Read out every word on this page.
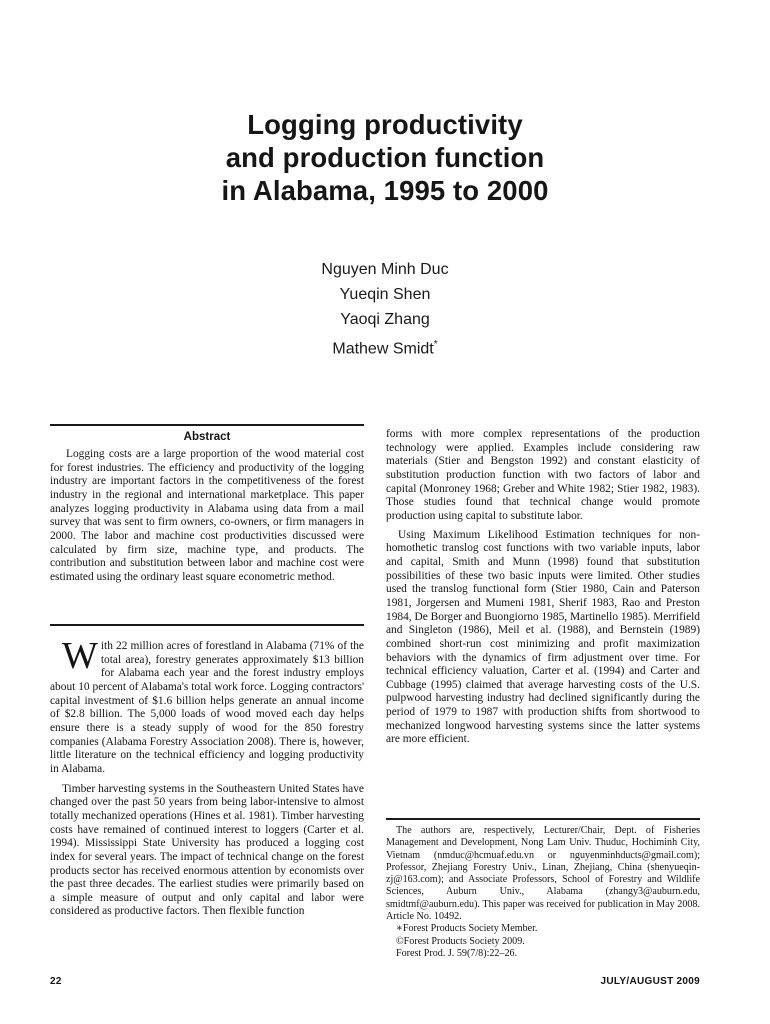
Logging productivity
and production function
in Alabama, 1995 to 2000
Nguyen Minh Duc
Yueqin Shen
Yaoqi Zhang
Mathew Smidt*
Abstract

Logging costs are a large proportion of the wood material cost for forest industries. The efficiency and productivity of the logging industry are important factors in the competitiveness of the forest industry in the regional and international marketplace. This paper analyzes logging productivity in Alabama using data from a mail survey that was sent to firm owners, co-owners, or firm managers in 2000. The labor and machine cost productivities discussed were calculated by firm size, machine type, and products. The contribution and substitution between labor and machine cost were estimated using the ordinary least square econometric method.

With 22 million acres of forestland in Alabama (71% of the total area), forestry generates approximately $13 billion for Alabama each year and the forest industry employs about 10 percent of Alabama's total work force. Logging contractors' capital investment of $1.6 billion helps generate an annual income of $2.8 billion. The 5,000 loads of wood moved each day helps ensure there is a steady supply of wood for the 850 forestry companies (Alabama Forestry Association 2008). There is, however, little literature on the technical efficiency and logging productivity in Alabama.

Timber harvesting systems in the Southeastern United States have changed over the past 50 years from being labor-intensive to almost totally mechanized operations (Hines et al. 1981). Timber harvesting costs have remained of continued interest to loggers (Carter et al. 1994). Mississippi State University has produced a logging cost index for several years. The impact of technical change on the forest products sector has received enormous attention by economists over the past three decades. The earliest studies were primarily based on a simple measure of output and only capital and labor were considered as productive factors. Then flexible function

forms with more complex representations of the production technology were applied. Examples include considering raw materials (Stier and Bengston 1992) and constant elasticity of substitution production function with two factors of labor and capital (Monroney 1968; Greber and White 1982; Stier 1982, 1983). Those studies found that technical change would promote production using capital to substitute labor.

Using Maximum Likelihood Estimation techniques for non-homothetic translog cost functions with two variable inputs, labor and capital, Smith and Munn (1998) found that substitution possibilities of these two basic inputs were limited. Other studies used the translog functional form (Stier 1980, Cain and Paterson 1981, Jorgersen and Mumeni 1981, Sherif 1983, Rao and Preston 1984, De Borger and Buongiorno 1985, Martinello 1985). Merrifield and Singleton (1986), Meil et al. (1988), and Bernstein (1989) combined short-run cost minimizing and profit maximization behaviors with the dynamics of firm adjustment over time. For technical efficiency valuation, Carter et al. (1994) and Carter and Cubbage (1995) claimed that average harvesting costs of the U.S. pulpwood harvesting industry had declined significantly during the period of 1979 to 1987 with production shifts from shortwood to mechanized longwood harvesting systems since the latter systems are more efficient.

The authors are, respectively, Lecturer/Chair, Dept. of Fisheries Management and Development, Nong Lam Univ. Thuduc, Hochiminh City, Vietnam (nmduc@hcmuaf.edu.vn or nguyenminhducts@gmail.com); Professor, Zhejiang Forestry Univ., Linan, Zhejiang, China (shenyueqin-zj@163.com); and Associate Professors, School of Forestry and Wildlife Sciences, Auburn Univ., Alabama (zhangy3@auburn.edu, smidtmf@auburn.edu). This paper was received for publication in May 2008. Article No. 10492.

∗Forest Products Society Member.

©Forest Products Society 2009.

Forest Prod. J. 59(7/8):22–26.

22	JULY/AUGUST 2009
